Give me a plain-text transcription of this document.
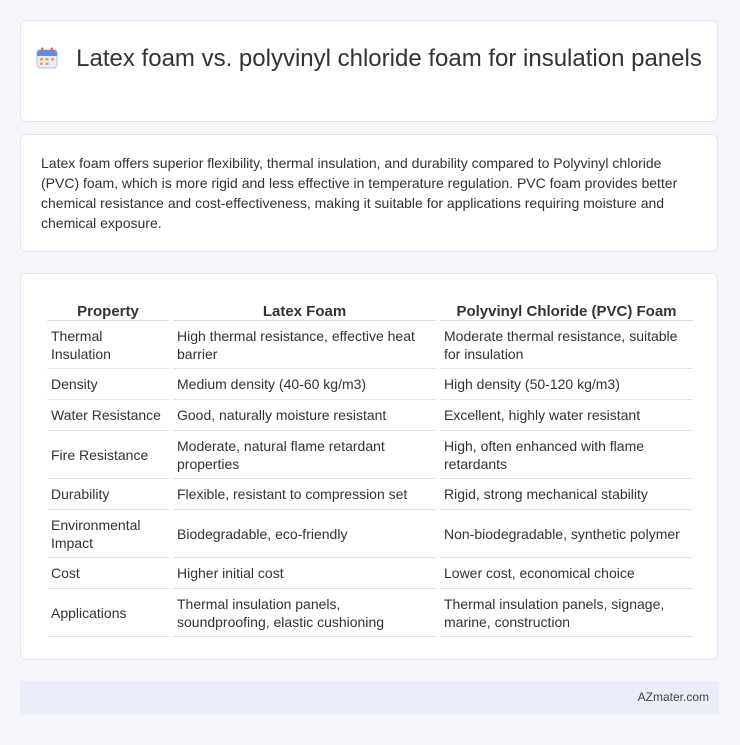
Latex foam vs. polyvinyl chloride foam for insulation panels
Latex foam offers superior flexibility, thermal insulation, and durability compared to Polyvinyl chloride (PVC) foam, which is more rigid and less effective in temperature regulation. PVC foam provides better chemical resistance and cost-effectiveness, making it suitable for applications requiring moisture and chemical exposure.
Property	Latex Foam	Polyvinyl Chloride (PVC) Foam
Thermal Insulation	High thermal resistance, effective heat barrier	Moderate thermal resistance, suitable for insulation
Density	Medium density (40-60 kg/m3)	High density (50-120 kg/m3)
Water Resistance	Good, naturally moisture resistant	Excellent, highly water resistant
Fire Resistance	Moderate, natural flame retardant properties	High, often enhanced with flame retardants
Durability	Flexible, resistant to compression set	Rigid, strong mechanical stability
Environmental Impact	Biodegradable, eco-friendly	Non-biodegradable, synthetic polymer
Cost	Higher initial cost	Lower cost, economical choice
Applications	Thermal insulation panels, soundproofing, elastic cushioning	Thermal insulation panels, signage, marine, construction
AZmater.com
